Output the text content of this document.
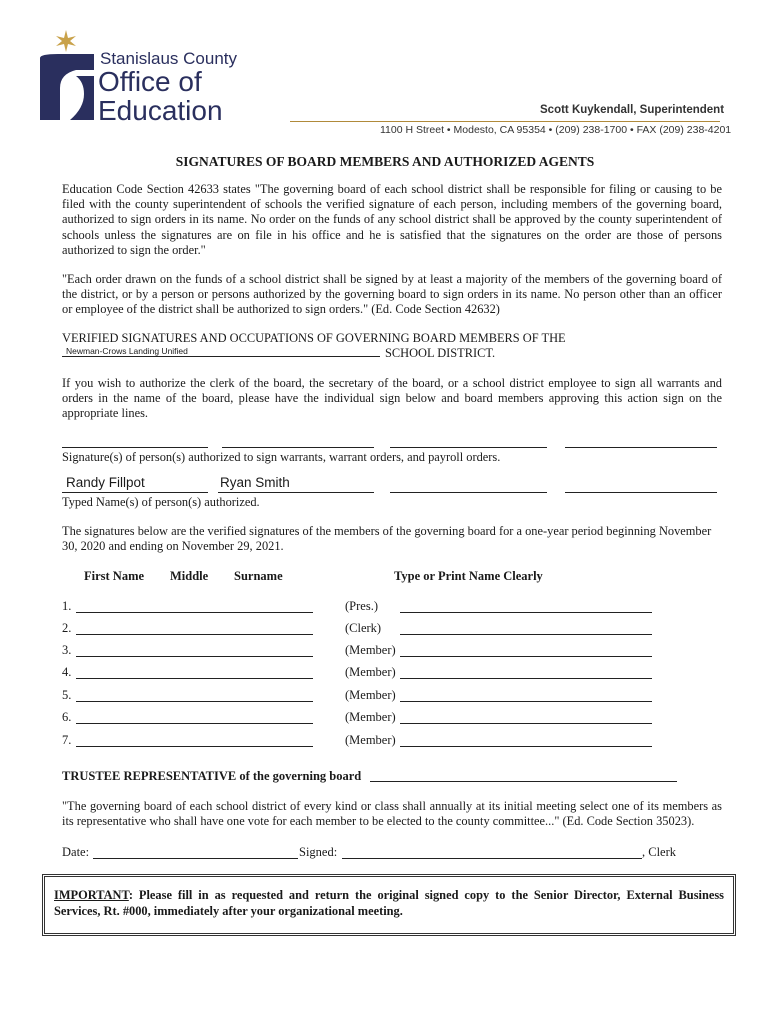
Stanislaus County
Office of
Education	Scott Kuykendall, Superintendent
1100 H Street • Modesto, CA 95354 • (209) 238-1700 • FAX (209) 238-4201
SIGNATURES OF BOARD MEMBERS AND AUTHORIZED AGENTS
Education Code Section 42633 states "The governing board of each school district shall be responsible for filing or causing to be filed with the county superintendent of schools the verified signature of each person, including members of the governing board, authorized to sign orders in its name. No order on the funds of any school district shall be approved by the county superintendent of schools unless the signatures are on file in his office and he is satisfied that the signatures on the order are those of persons authorized to sign the order."
"Each order drawn on the funds of a school district shall be signed by at least a majority of the members of the governing board of the district, or by a person or persons authorized by the governing board to sign orders in its name. No person other than an officer or employee of the district shall be authorized to sign orders." (Ed. Code Section 42632)
VERIFIED SIGNATURES AND OCCUPATIONS OF GOVERNING BOARD MEMBERS OF THE
Newman-Crows Landing Unified	SCHOOL DISTRICT.
If you wish to authorize the clerk of the board, the secretary of the board, or a school district employee to sign all warrants and orders in the name of the board, please have the individual sign below and board members approving this action sign on the appropriate lines.
Signature(s) of person(s) authorized to sign warrants, warrant orders, and payroll orders.
Randy Fillpot	Ryan Smith
Typed Name(s) of person(s) authorized.
The signatures below are the verified signatures of the members of the governing board for a one-year period beginning November 30, 2020 and ending on November 29, 2021.
First Name Middle Surname	Type or Print Name Clearly
1.	(Pres.)
2.	(Clerk)
3.	(Member)
4.	(Member)
5.	(Member)
6.	(Member)
7.	(Member)
TRUSTEE REPRESENTATIVE of the governing board
"The governing board of each school district of every kind or class shall annually at its initial meeting select one of its members as its representative who shall have one vote for each member to be elected to the county committee..." (Ed. Code Section 35023).
Date:	Signed:	, Clerk
IMPORTANT: Please fill in as requested and return the original signed copy to the Senior Director, External Business Services, Rt. #000, immediately after your organizational meeting.
